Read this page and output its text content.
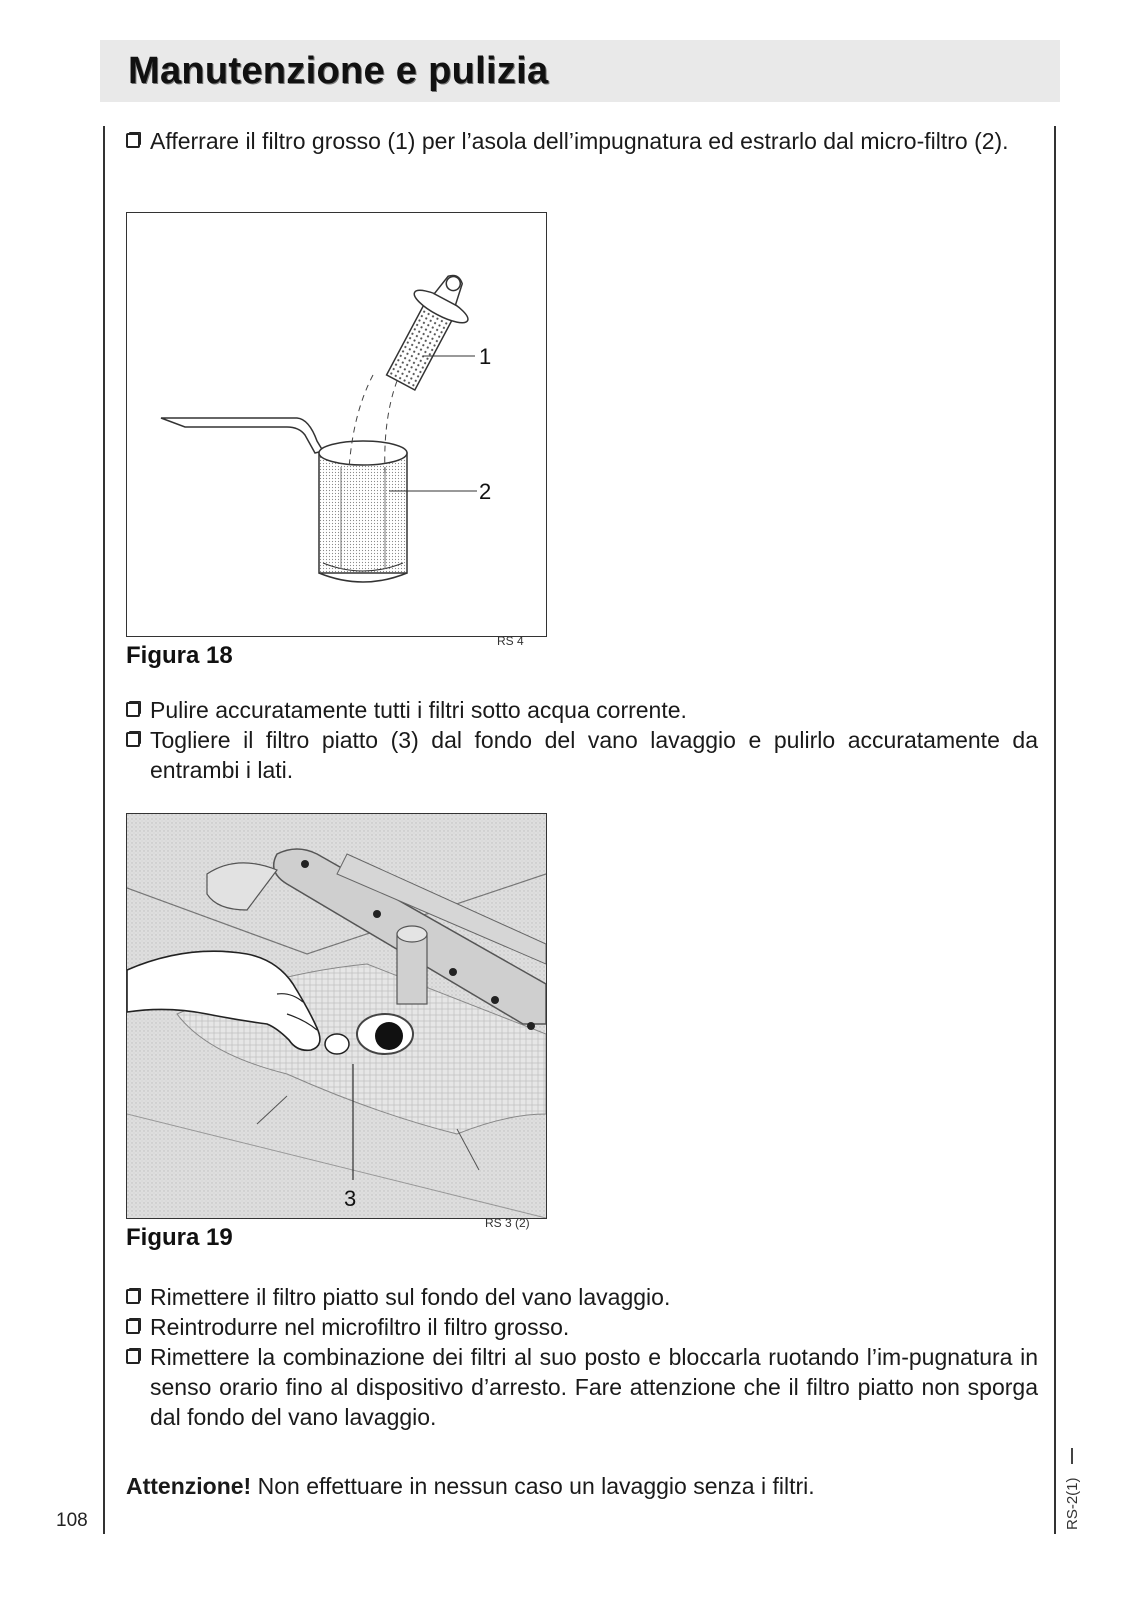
Manutenzione e pulizia
Afferrare il filtro grosso (1) per l’asola dell’impugnatura ed estrarlo dal micro-filtro (2).
1
2
Figura 18
RS 4
Pulire accuratamente tutti i filtri sotto acqua corrente.
Togliere il filtro piatto (3) dal fondo del vano lavaggio e pulirlo accuratamente da entrambi i lati.
3
Figura 19
RS 3 (2)
Rimettere il filtro piatto sul fondo del vano lavaggio.
Reintrodurre nel microfiltro il filtro grosso.
Rimettere la combinazione dei filtri al suo posto e bloccarla ruotando l’im-pugnatura in senso orario fino al dispositivo d’arresto. Fare attenzione che il filtro piatto non sporga dal fondo del vano lavaggio.
Attenzione! Non effettuare in nessun caso un lavaggio senza i filtri.
108	RS-2(1)
